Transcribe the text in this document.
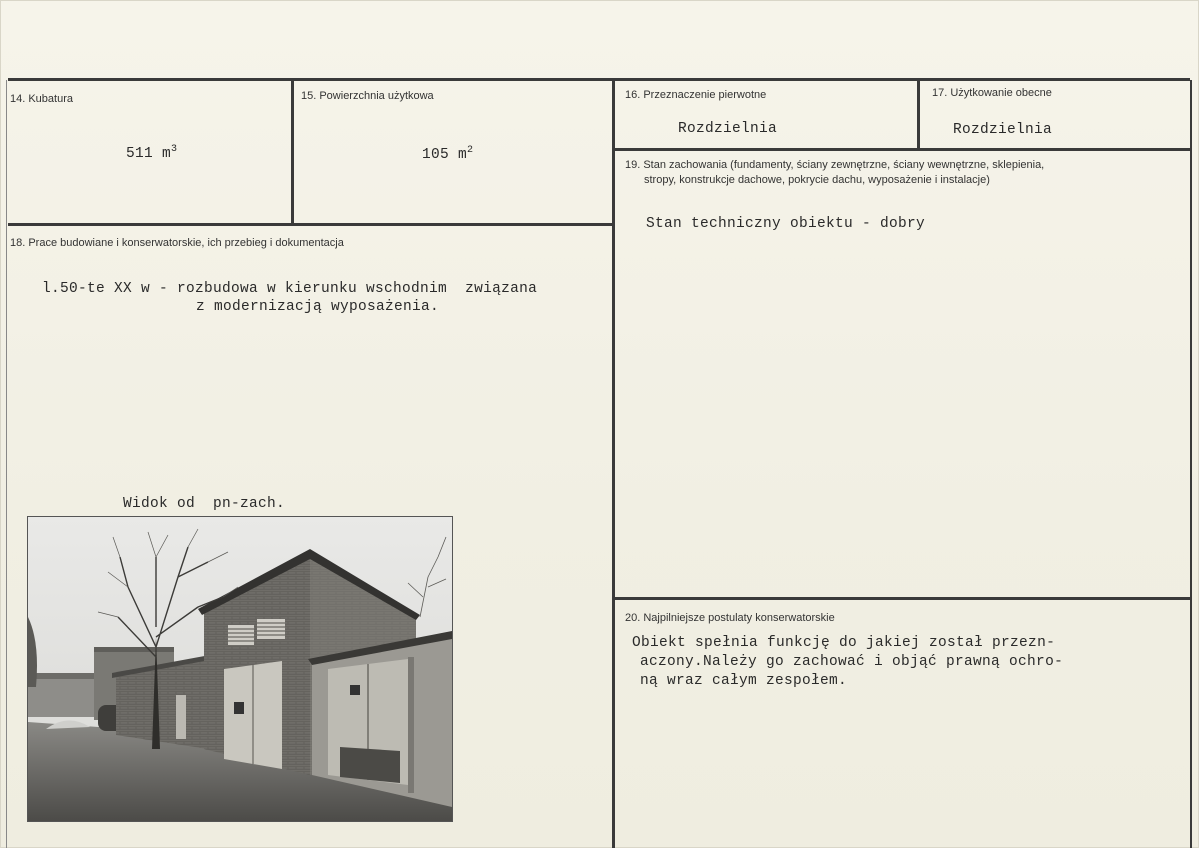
14. Kubatura
511 $m^3$
15. Powierzchnia użytkowa
105 $m^2$
16. Przeznaczenie pierwotne
Rozdzielnia
17. Użytkowanie obecne
Rozdzielnia
19. Stan zachowania (fundamenty, ściany zewnętrzne, ściany wewnętrzne, sklepienia,
stropy, konstrukcje dachowe, pokrycie dachu, wyposażenie i instalacje)
Stan techniczny obiektu - dobry
18. Prace budowiane i konserwatorskie, ich przebieg i dokumentacja
l.50-te XX w - rozbudowa w kierunku wschodnim  związana
z modernizacją wyposażenia.
Widok od  pn-zach.
20. Najpilniejsze postulaty konserwatorskie
Obiekt spełnia funkcję do jakiej został przezn-
aczony.Należy go zachować i objąć prawną ochro-
ną wraz całym zespołem.
